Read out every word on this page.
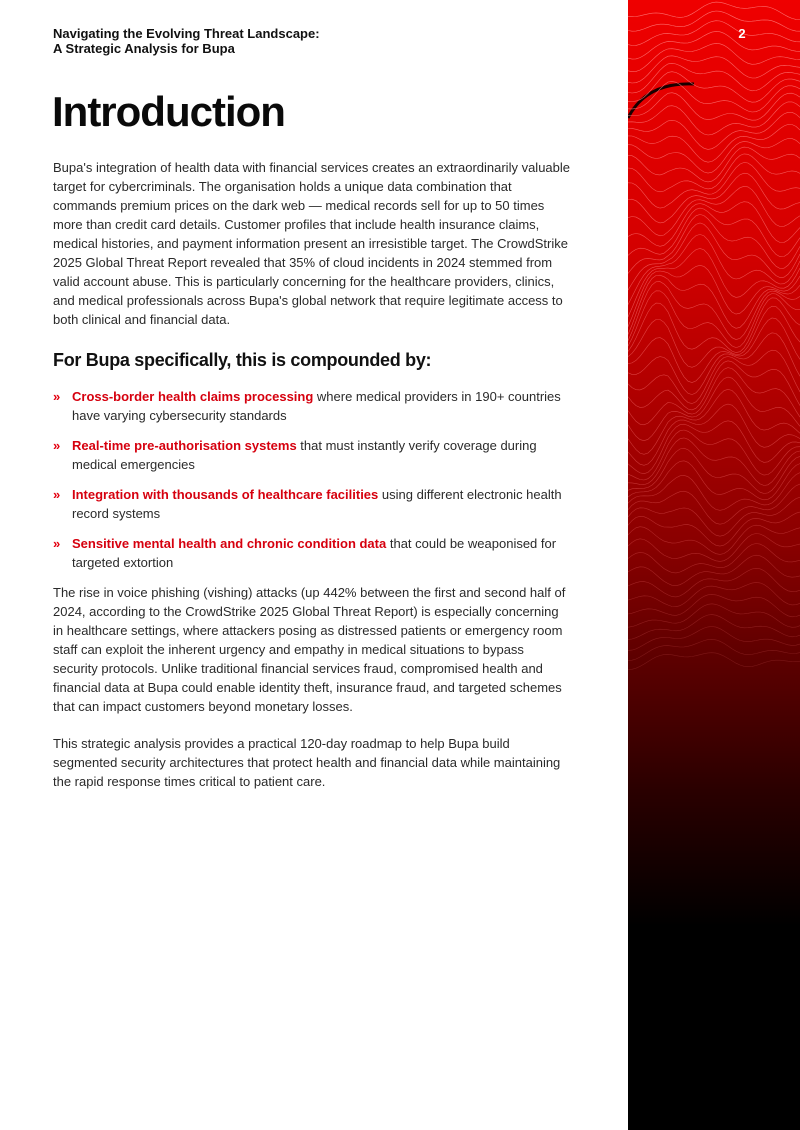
Navigating the Evolving Threat Landscape:
A Strategic Analysis for Bupa
Introduction

Bupa's integration of health data with financial services creates an extraordinarily valuable target for cybercriminals. The organisation holds a unique data combination that commands premium prices on the dark web — medical records sell for up to 50 times more than credit card details. Customer profiles that include health insurance claims, medical histories, and payment information present an irresistible target. The CrowdStrike 2025 Global Threat Report revealed that 35% of cloud incidents in 2024 stemmed from valid account abuse. This is particularly concerning for the healthcare providers, clinics, and medical professionals across Bupa's global network that require legitimate access to both clinical and financial data.

For Bupa specifically, this is compounded by:
» Cross-border health claims processing where medical providers in 190+ countries have varying cybersecurity standards
» Real-time pre-authorisation systems that must instantly verify coverage during medical emergencies
» Integration with thousands of healthcare facilities using different electronic health record systems
» Sensitive mental health and chronic condition data that could be weaponised for targeted extortion

The rise in voice phishing (vishing) attacks (up 442% between the first and second half of 2024, according to the CrowdStrike 2025 Global Threat Report) is especially concerning in healthcare settings, where attackers posing as distressed patients or emergency room staff can exploit the inherent urgency and empathy in medical situations to bypass security protocols. Unlike traditional financial services fraud, compromised health and financial data at Bupa could enable identity theft, insurance fraud, and targeted schemes that can impact customers beyond monetary losses.

This strategic analysis provides a practical 120-day roadmap to help Bupa build segmented security architectures that protect health and financial data while maintaining the rapid response times critical to patient care.

2
